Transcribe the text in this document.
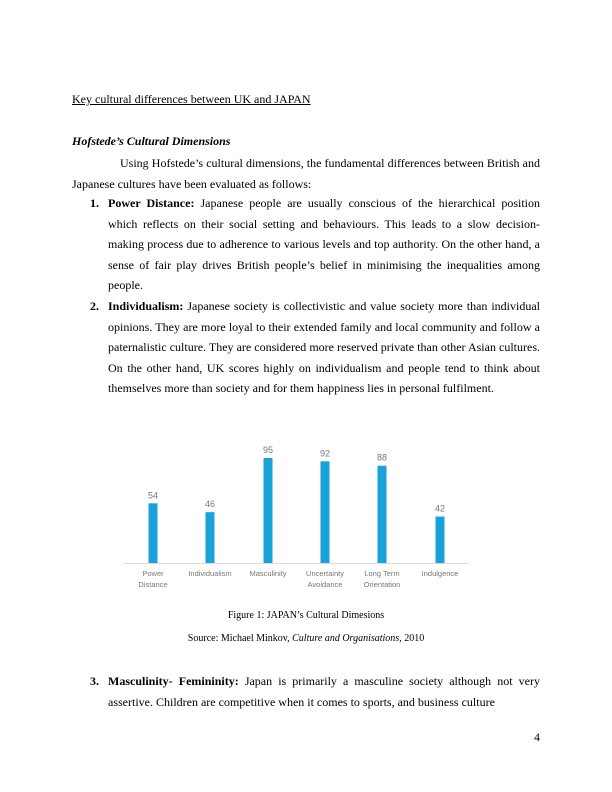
Key cultural differences between UK and JAPAN
Hofstede’s Cultural Dimensions

Using Hofstede’s cultural dimensions, the fundamental differences between British and Japanese cultures have been evaluated as follows:

1. Power Distance: Japanese people are usually conscious of the hierarchical position which reflects on their social setting and behaviours. This leads to a slow decision-making process due to adherence to various levels and top authority. On the other hand, a sense of fair play drives British people’s belief in minimising the inequalities among people.

2. Individualism: Japanese society is collectivistic and value society more than individual opinions. They are more loyal to their extended family and local community and follow a paternalistic culture. They are considered more reserved private than other Asian cultures. On the other hand, UK scores highly on individualism and people tend to think about themselves more than society and for them happiness lies in personal fulfilment.

54
Power
Distance
46
Individualism
95
Masculinity
92
Uncertainty
Avoidance
88
Long Term
Orientation
42
Indulgence
Figure 1: JAPAN’s Cultural Dimesions
Source: Michael Minkov, Culture and Organisations, 2010

3. Masculinity- Femininity: Japan is primarily a masculine society although not very assertive. Children are competitive when it comes to sports, and business culture

4
